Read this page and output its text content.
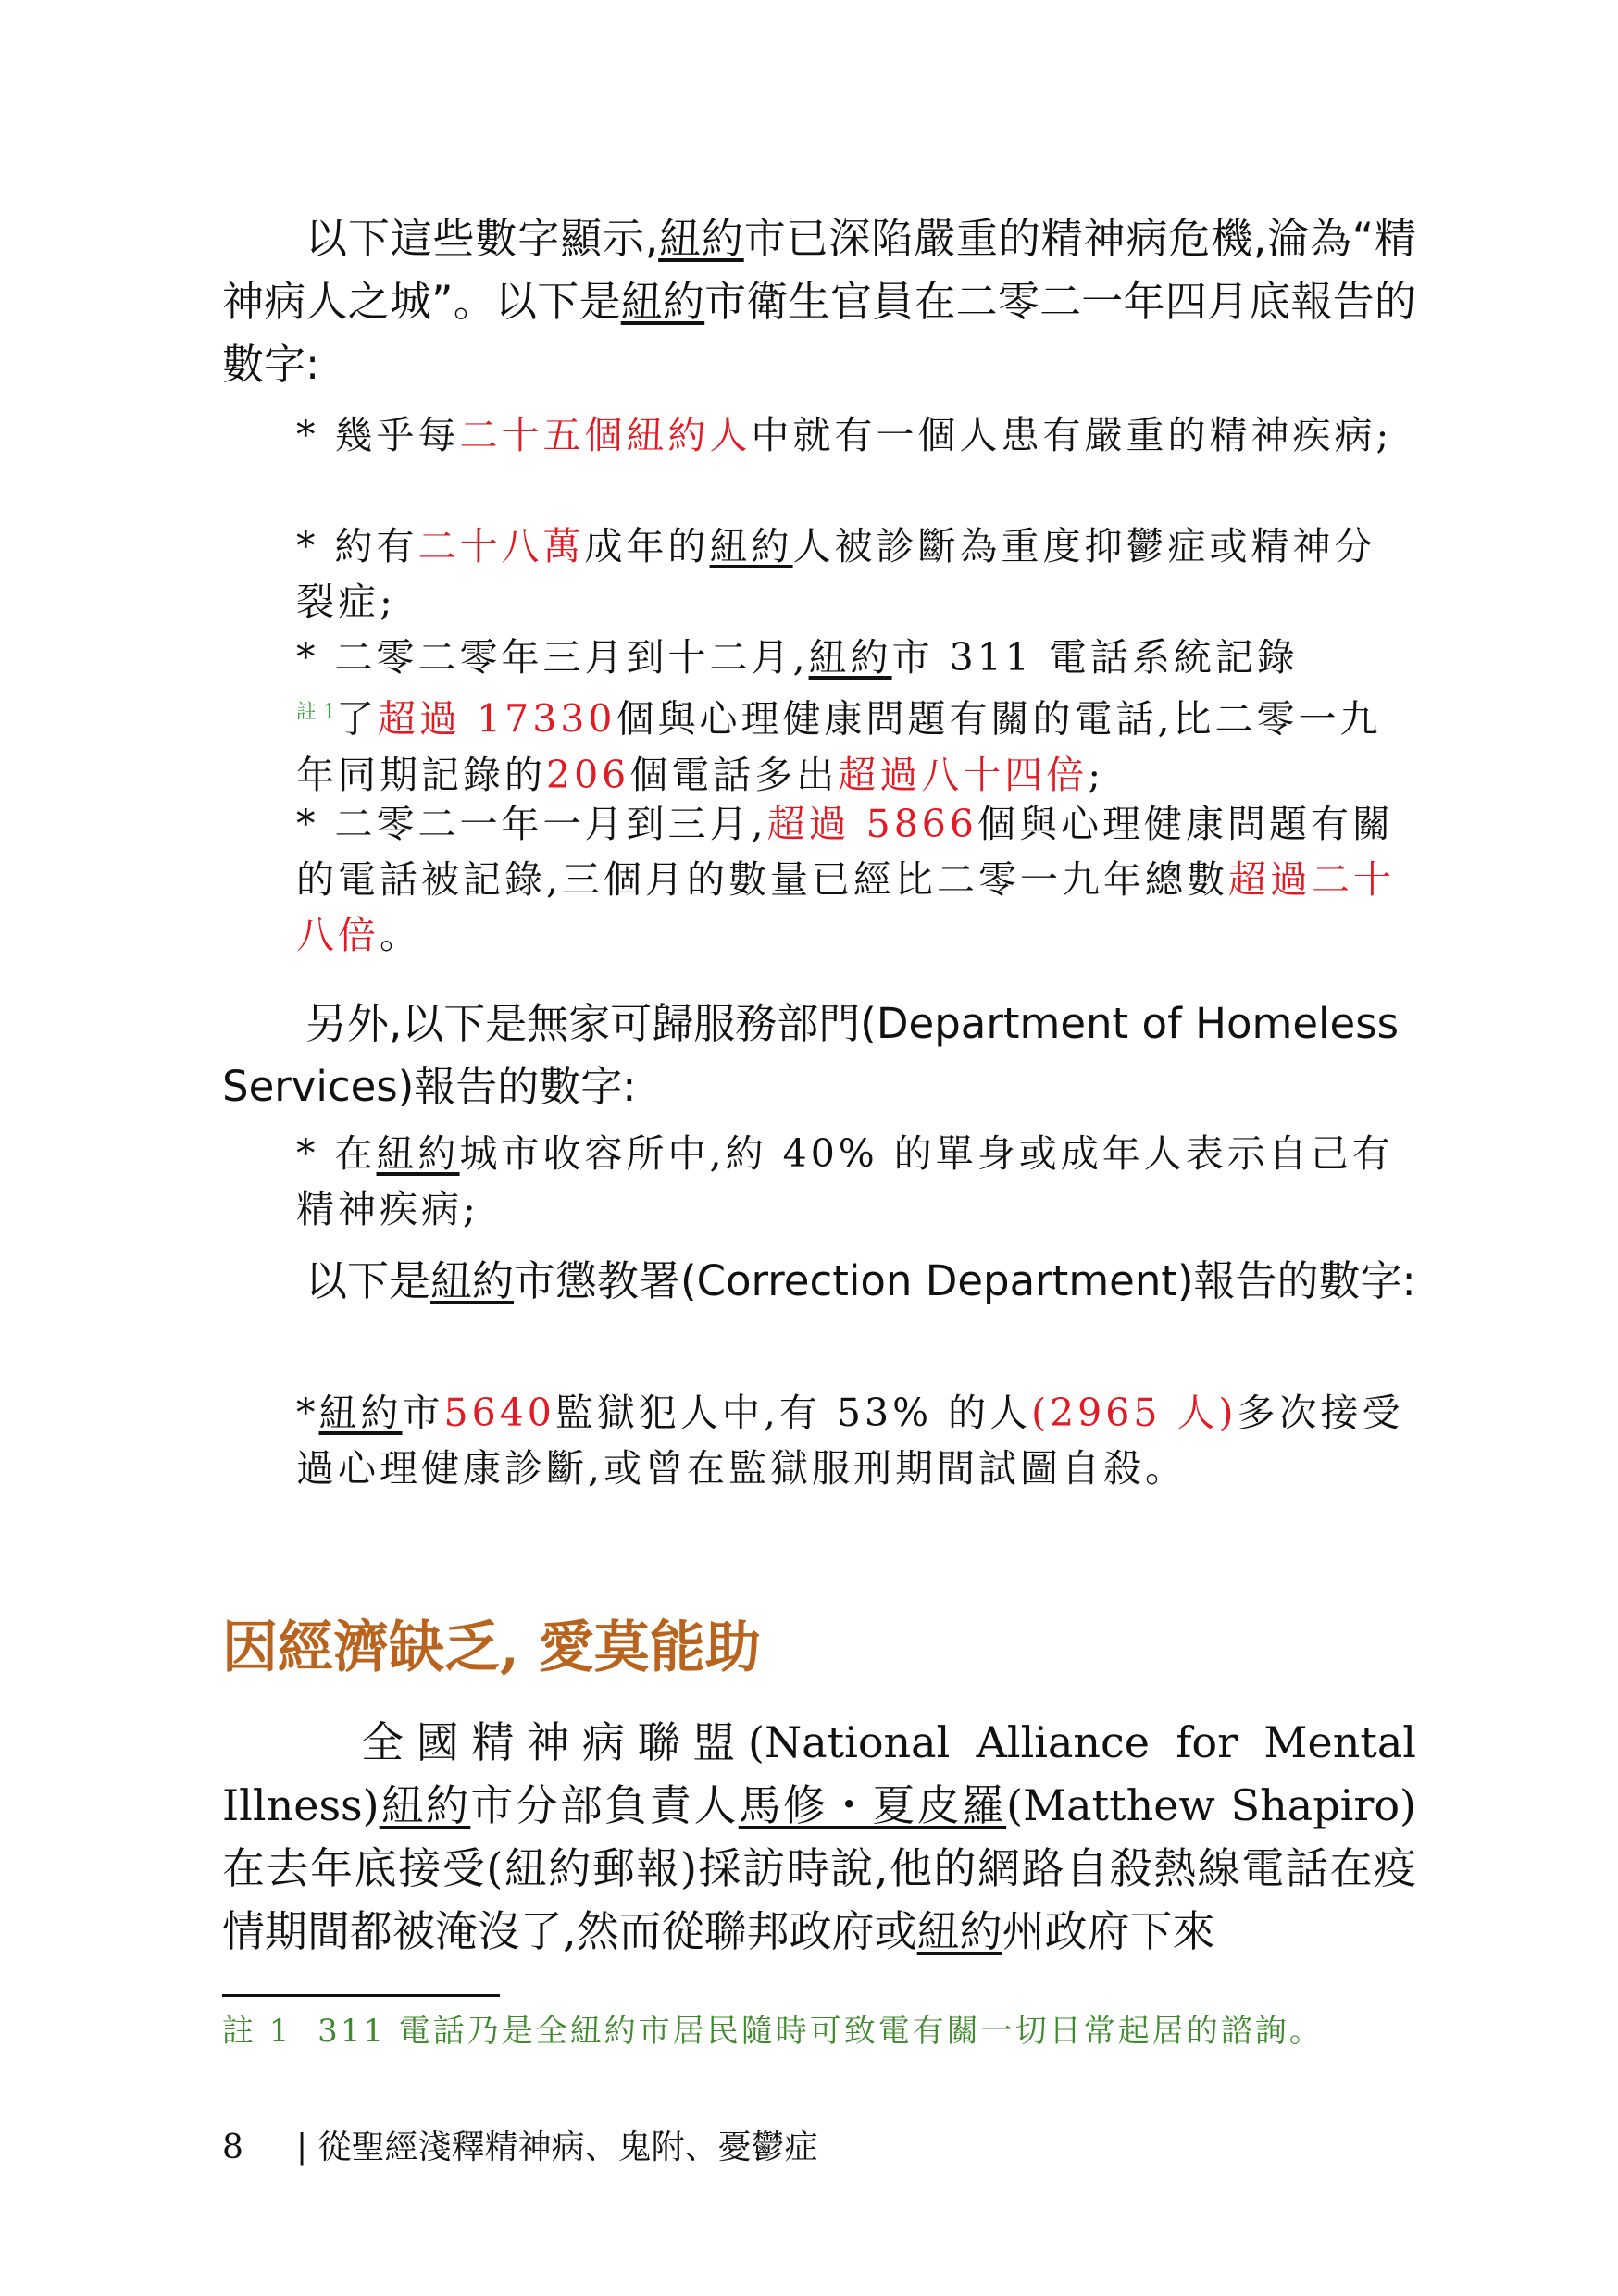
以下這些數字顯示,紐約市已深陷嚴重的精神病危機,淪為“精神病人之城”。以下是紐約市衛生官員在二零二一年四月底報告的數字:

* 幾乎每二十五個紐約人中就有一個人患有嚴重的精神疾病;

* 約有二十八萬成年的紐約人被診斷為重度抑鬱症或精神分裂症;

* 二零二零年三月到十二月,紐約市 311 電話系統記錄
$^{註 1}$了超過 17330個與心理健康問題有關的電話,比二零一九年同期記錄的206個電話多出超過八十四倍;

* 二零二一年一月到三月,超過 5866個與心理健康問題有關的電話被記錄,三個月的數量已經比二零一九年總數超過二十八倍。

另外,以下是無家可歸服務部門(Department of Homeless Services)報告的數字:

* 在紐約城市收容所中,約 40% 的單身或成年人表示自己有精神疾病;

以下是紐約市懲教署(Correction Department)報告的數字:

*紐約市5640監獄犯人中,有 53% 的人(2965 人)多次接受過心理健康診斷,或曾在監獄服刑期間試圖自殺。

因經濟缺乏, 愛莫能助

全國精神病聯盟(National Alliance for Mental Illness)紐約市分部負責人馬修・夏皮羅(Matthew Shapiro)在去年底接受(紐約郵報)採訪時說,他的網路自殺熱線電話在疫情期間都被淹沒了,然而從聯邦政府或紐約州政府下來

註 1 311 電話乃是全紐約市居民隨時可致電有關一切日常起居的諮詢。

8 | 從聖經淺釋精神病、鬼附、憂鬱症
